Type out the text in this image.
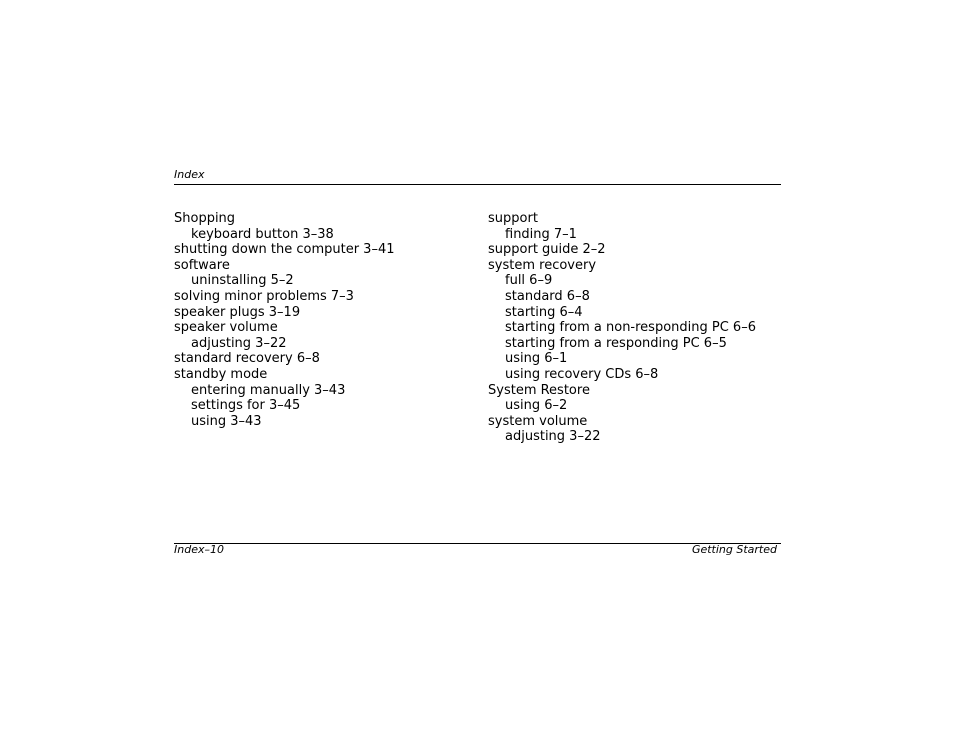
Index
Shopping
keyboard button 3–38
shutting down the computer 3–41
software
uninstalling 5–2
solving minor problems 7–3
speaker plugs 3–19
speaker volume
adjusting 3–22
standard recovery 6–8
standby mode
entering manually 3–43
settings for 3–45
using 3–43
support
finding 7–1
support guide 2–2
system recovery
full 6–9
standard 6–8
starting 6–4
starting from a non-responding PC 6–6
starting from a responding PC 6–5
using 6–1
using recovery CDs 6–8
System Restore
using 6–2
system volume
adjusting 3–22
Index–10	Getting Started
